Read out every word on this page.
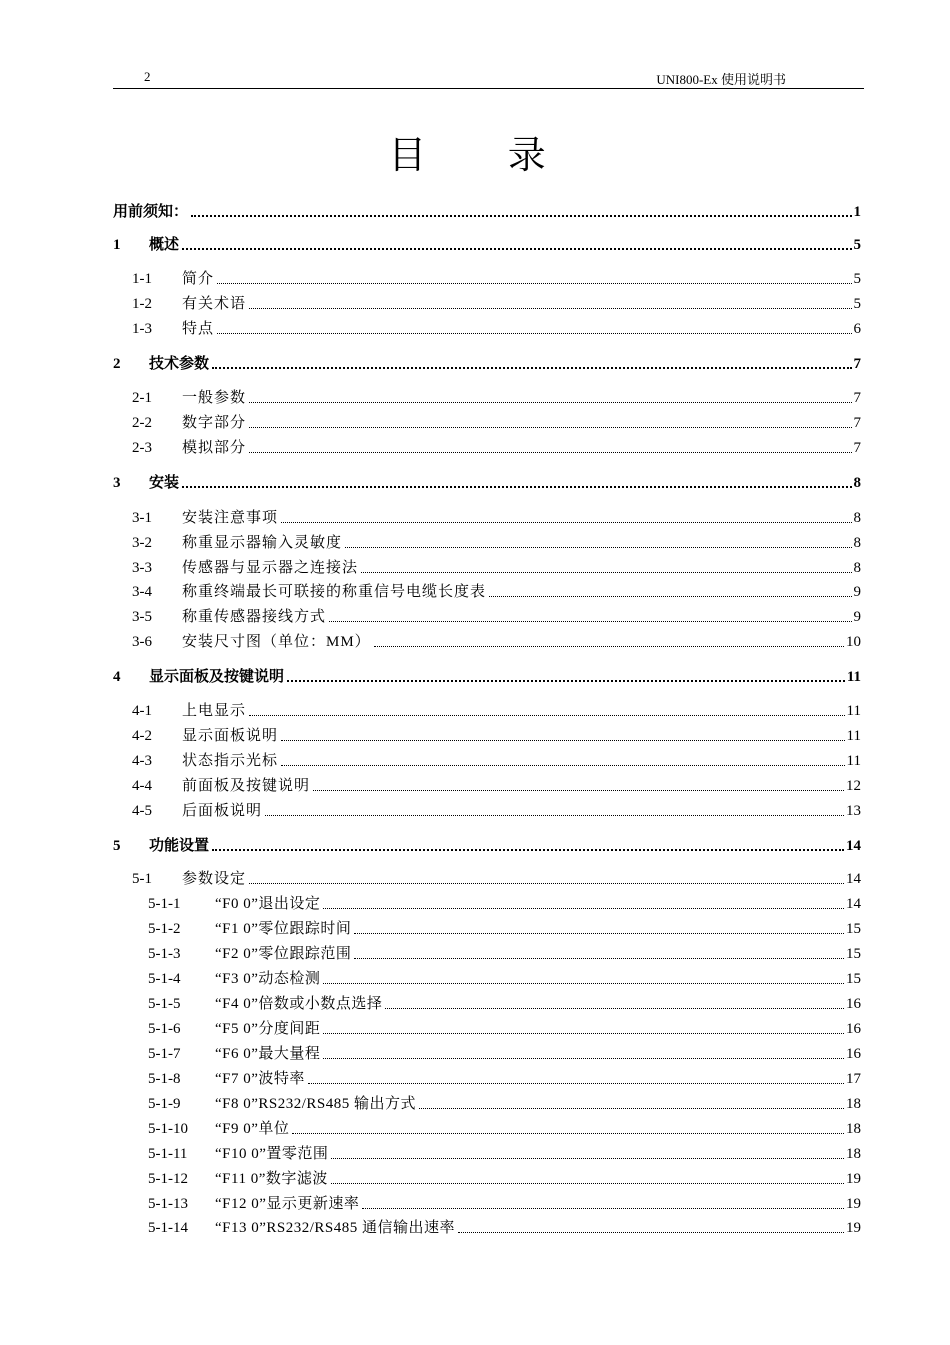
2	UNI800-Ex 使用说明书
目 录
用前须知：	1
1	概述	5
1-1	简介	5
1-2	有关术语	5
1-3	特点	6
2	技术参数	7
2-1	一般参数	7
2-2	数字部分	7
2-3	模拟部分	7
3	安装	8
3-1	安装注意事项	8
3-2	称重显示器输入灵敏度	8
3-3	传感器与显示器之连接法	8
3-4	称重终端最长可联接的称重信号电缆长度表	9
3-5	称重传感器接线方式	9
3-6	安装尺寸图（单位：MM）	10
4	显示面板及按键说明	11
4-1	上电显示	11
4-2	显示面板说明	11
4-3	状态指示光标	11
4-4	前面板及按键说明	12
4-5	后面板说明	13
5	功能设置	14
5-1	参数设定	14
5-1-1	“F0 0”退出设定	14
5-1-2	“F1 0”零位跟踪时间	15
5-1-3	“F2 0”零位跟踪范围	15
5-1-4	“F3 0”动态检测	15
5-1-5	“F4 0”倍数或小数点选择	16
5-1-6	“F5 0”分度间距	16
5-1-7	“F6 0”最大量程	16
5-1-8	“F7 0”波特率	17
5-1-9	“F8 0”RS232/RS485 输出方式	18
5-1-10	“F9 0”单位	18
5-1-11	“F10 0”置零范围	18
5-1-12	“F11 0”数字滤波	19
5-1-13	“F12 0”显示更新速率	19
5-1-14	“F13 0”RS232/RS485 通信输出速率	19
